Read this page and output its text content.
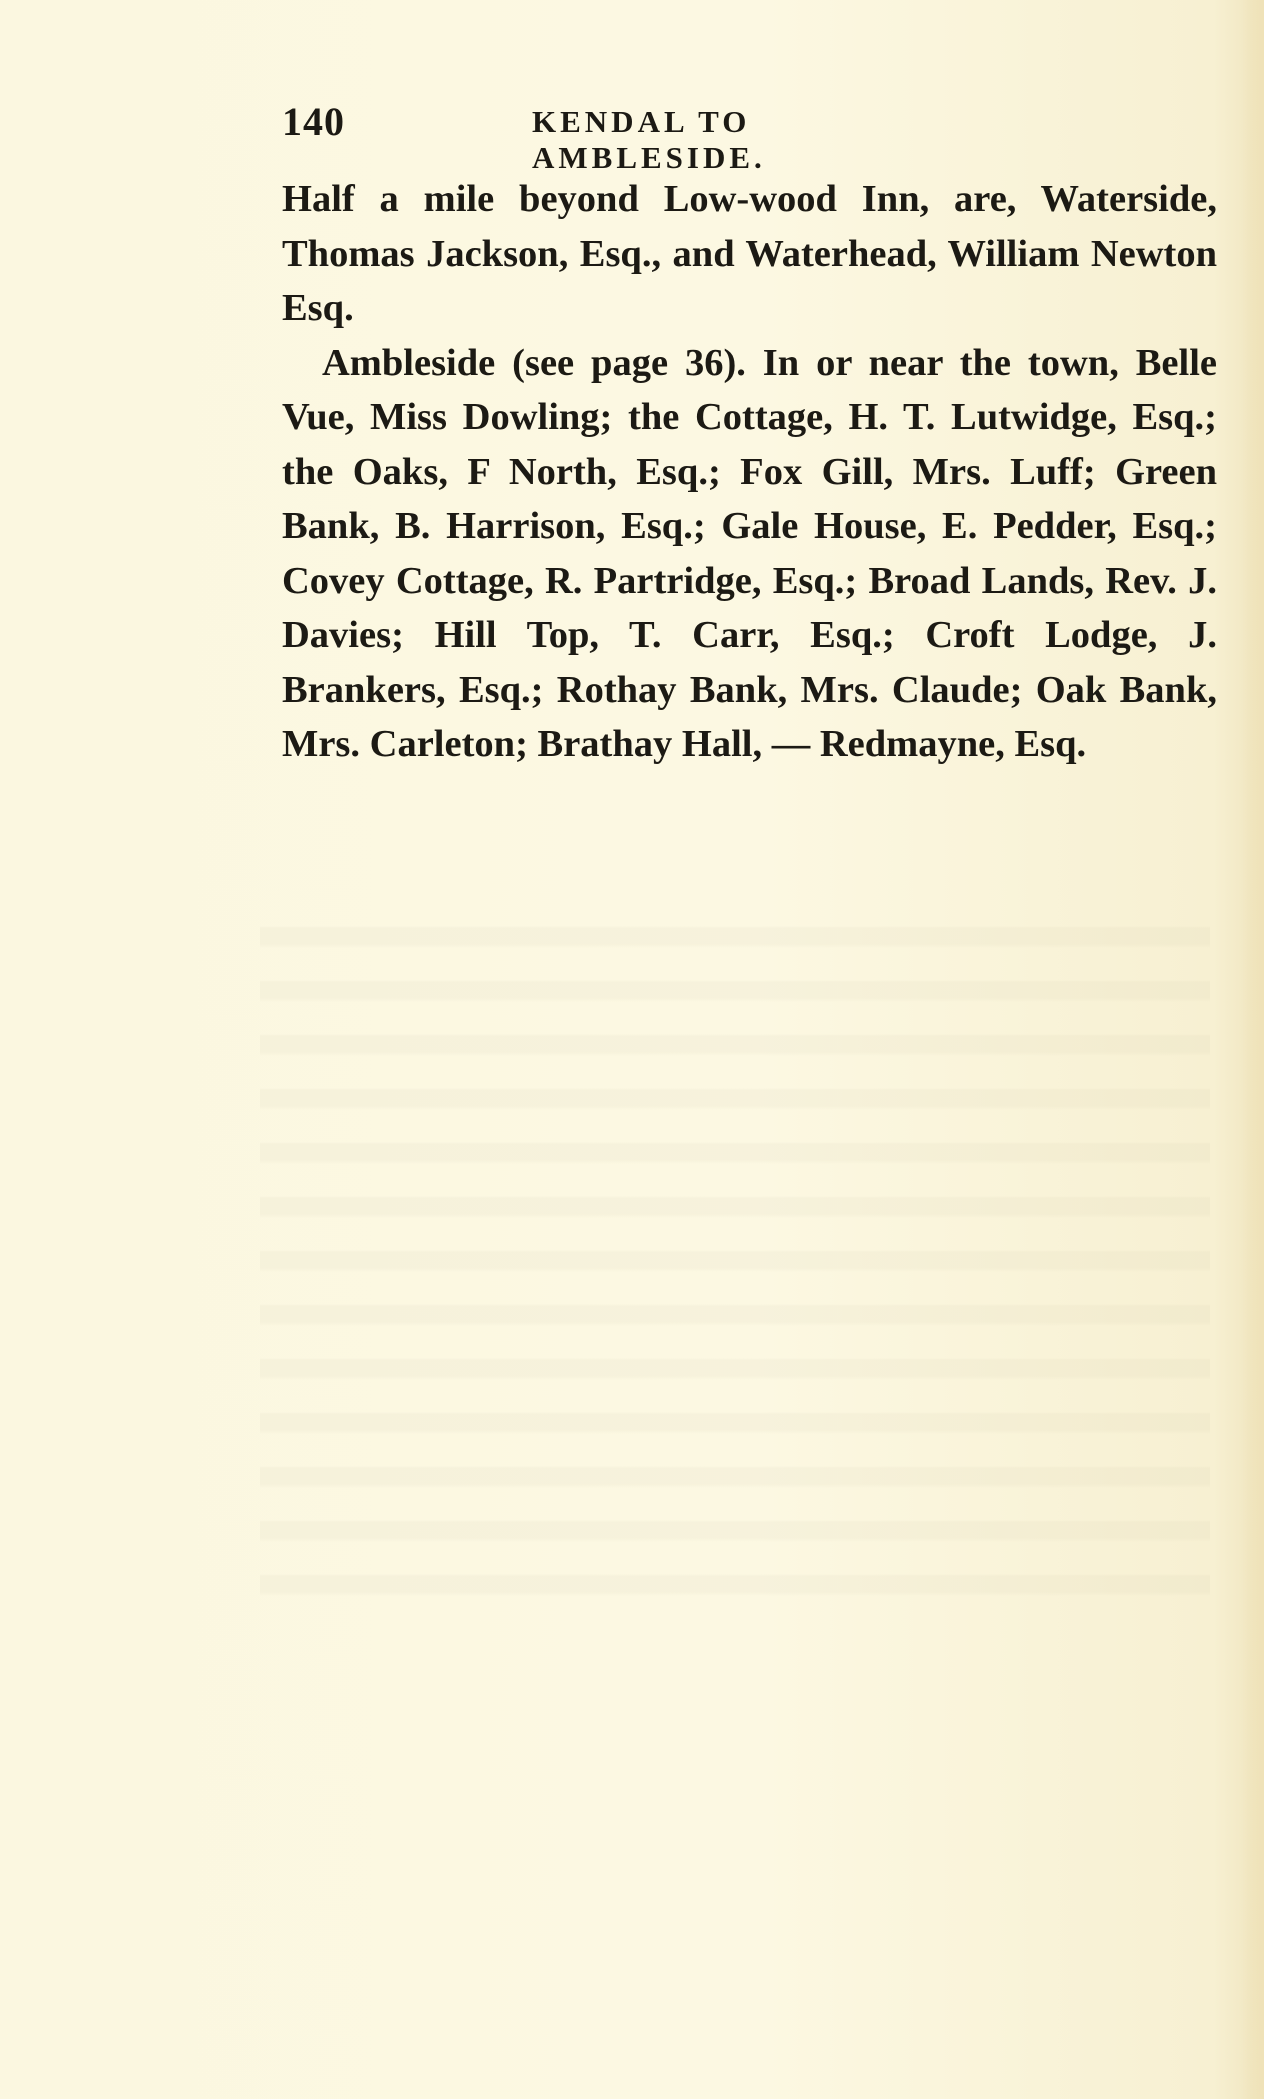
140	KENDAL TO AMBLESIDE.

Half a mile beyond Low-wood Inn, are, Waterside, Thomas Jackson, Esq., and Waterhead, William Newton Esq.

Ambleside (see page 36). In or near the town, Belle Vue, Miss Dowling; the Cottage, H. T. Lutwidge, Esq.; the Oaks, F North, Esq.; Fox Gill, Mrs. Luff; Green Bank, B. Harrison, Esq.; Gale House, E. Pedder, Esq.; Covey Cottage, R. Partridge, Esq.; Broad Lands, Rev. J. Davies; Hill Top, T. Carr, Esq.; Croft Lodge, J. Brankers, Esq.; Rothay Bank, Mrs. Claude; Oak Bank, Mrs. Carleton; Brathay Hall, — Redmayne, Esq.
